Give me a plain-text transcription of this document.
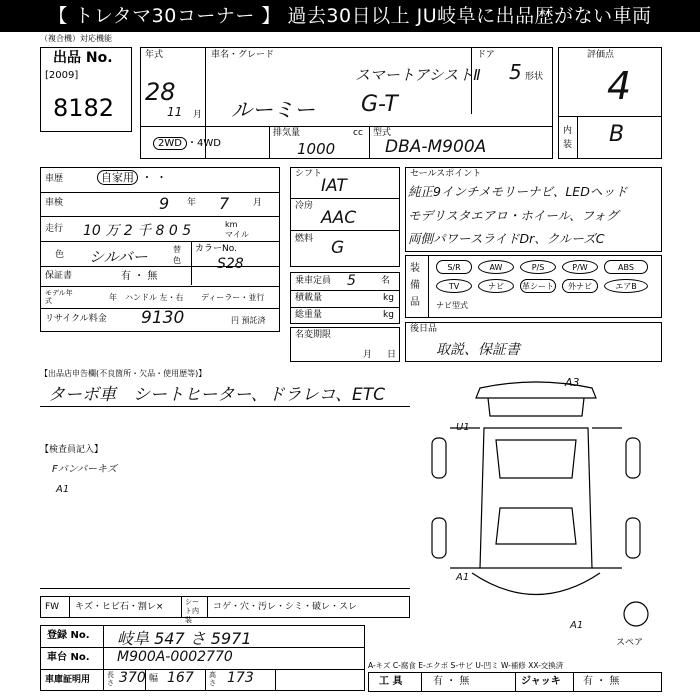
【 トレタマ30コーナー 】 過去30日以上 JU岐阜に出品歴がない車両
（複合機）対応機能
出品 No.
[2009]
8182
年式
28
11 月
車名・グレード
スマートアシストⅡ
ルーミー G-T
ドア
5 形状
2WD ・4WD
排気量	cc
1000
型式
DBA-M900A
評価点
4
内装 B
車歴	自家用 ・ ・
車検	9 年 7	月
走行 10 万 2 千 8 0 5	km
マイル
色 シルバー	替色
カラーNo.
S28
保証書	有 ・ 無
モデル年式	年 ハンドル 左・右 ディーラー・並行
リサイクル料金 9130	円 預託済
シフト
IAT
冷房
AAC
燃料 G
乗車定員 5	名
積載量	kg
総重量	kg
名変期限
月 日
セールスポイント
純正9インチメモリーナビ、LEDヘッド
モデリスタエアロ・ホイール、フォグ
両側パワースライドDr、クルーズC
装備品
S/R	AW	P/S	P/W	ABS
TV	ナビ	革シート	外ナビ	エアB
ナビ型式
後日品
取説、保証書
【出品店申告欄(不良箇所・欠品・使用歴等)】
ターボ車　シートヒーター、ドラレコ、ETC
【検査員記入】
Fバンパーキズ
A1
A3
U1
A1
A1
スペア
FW キズ・ヒビ石・割レ×	シート内装
コゲ・穴・汚レ・シミ・破レ・スレ
登録 No. 岐阜 547 さ 5971
車台 No. M900A-0002770
車庫証明用 長さ 370 幅 167 高さ 173
A-キズ C-腐食 E-エクボ S-サビ U-凹ミ W-補修 XX-交換済
工 具	有 ・ 無	ジャッキ 有 ・ 無
